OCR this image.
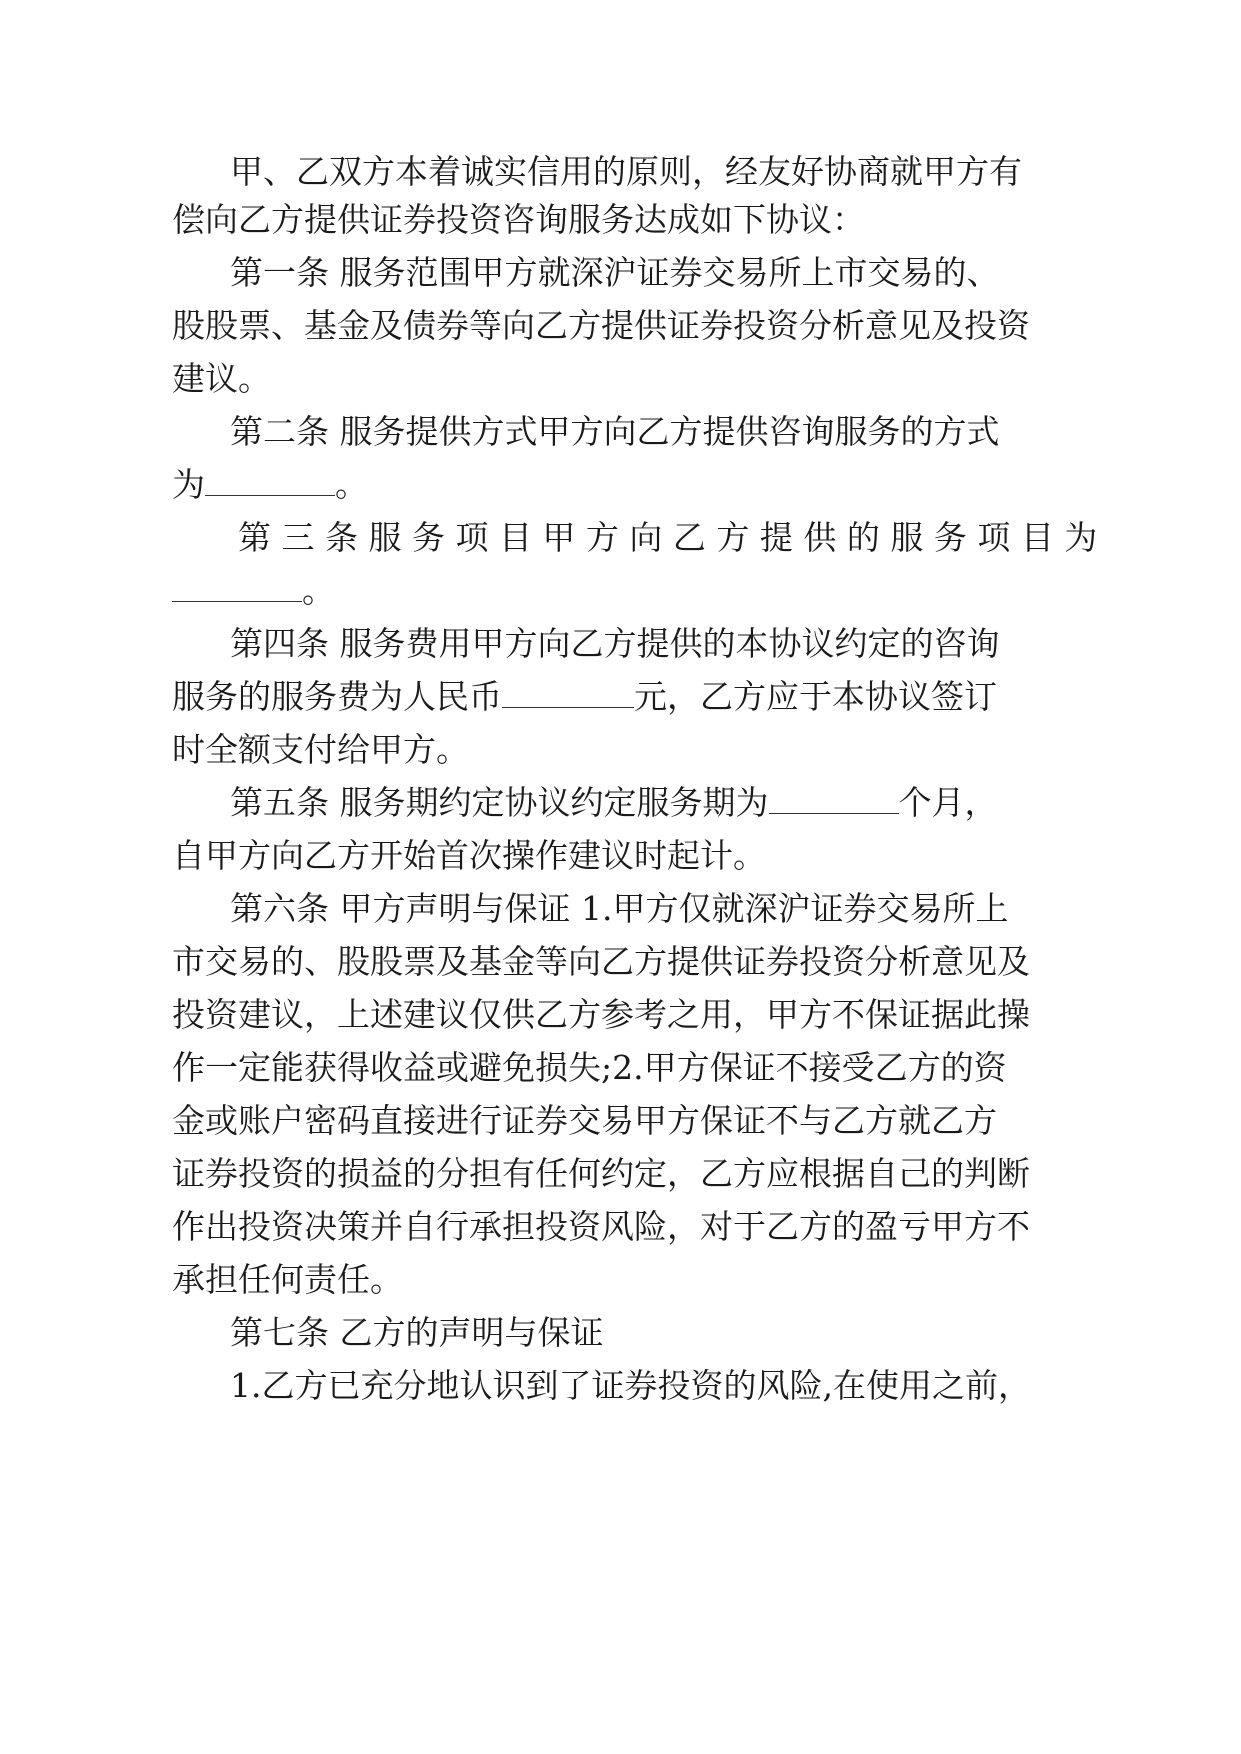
甲、乙双方本着诚实信用的原则，经友好协商就甲方有
偿向乙方提供证券投资咨询服务达成如下协议：
第一条 服务范围甲方就深沪证券交易所上市交易的、
股股票、基金及债券等向乙方提供证券投资分析意见及投资
建议。
第二条 服务提供方式甲方向乙方提供咨询服务的方式
为	。
第 三 条 服 务 项 目 甲 方 向 乙 方 提 供 的 服 务 项 目 为
。
第四条 服务费用甲方向乙方提供的本协议约定的咨询
服务的服务费为人民币	元，乙方应于本协议签订
时全额支付给甲方。
第五条 服务期约定协议约定服务期为	个月，
自甲方向乙方开始首次操作建议时起计。
第六条 甲方声明与保证 1.甲方仅就深沪证券交易所上
市交易的、股股票及基金等向乙方提供证券投资分析意见及
投资建议，上述建议仅供乙方参考之用，甲方不保证据此操
作一定能获得收益或避免损失;2.甲方保证不接受乙方的资
金或账户密码直接进行证券交易甲方保证不与乙方就乙方
证券投资的损益的分担有任何约定，乙方应根据自己的判断
作出投资决策并自行承担投资风险，对于乙方的盈亏甲方不
承担任何责任。
第七条 乙方的声明与保证
1.乙方已充分地认识到了证券投资的风险,在使用之前，
